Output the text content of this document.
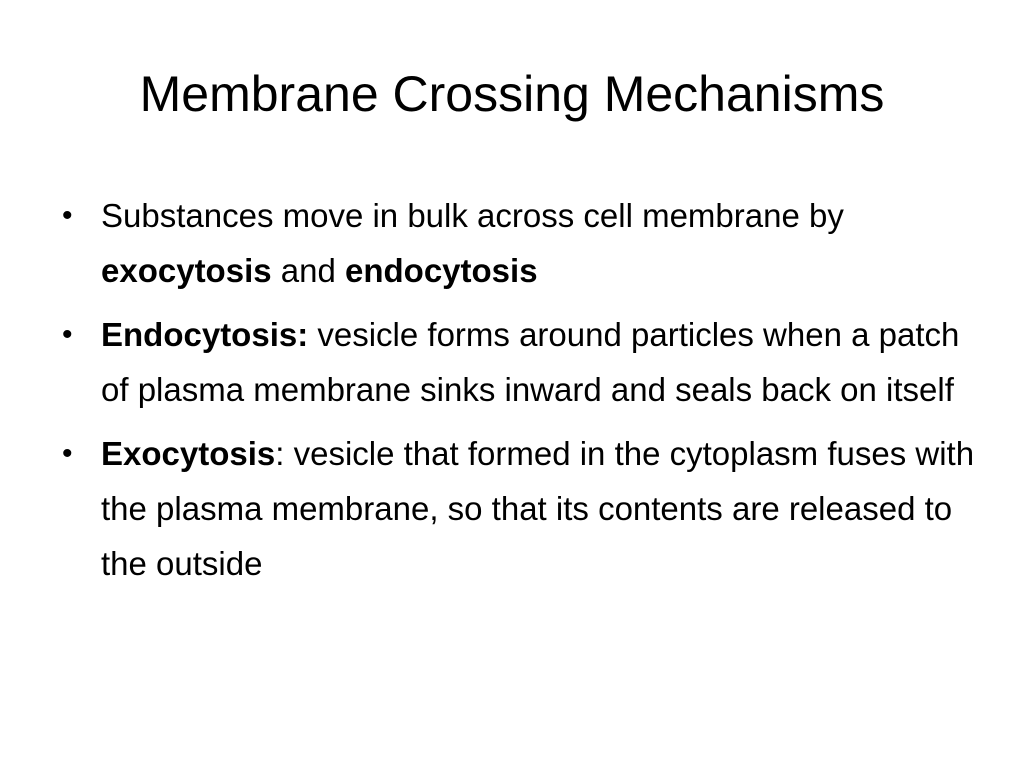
Membrane Crossing Mechanisms
• Substances move in bulk across cell membrane by exocytosis and endocytosis
• Endocytosis: vesicle forms around particles when a patch of plasma membrane sinks inward and seals back on itself
• Exocytosis: vesicle that formed in the cytoplasm fuses with the plasma membrane, so that its contents are released to the outside
